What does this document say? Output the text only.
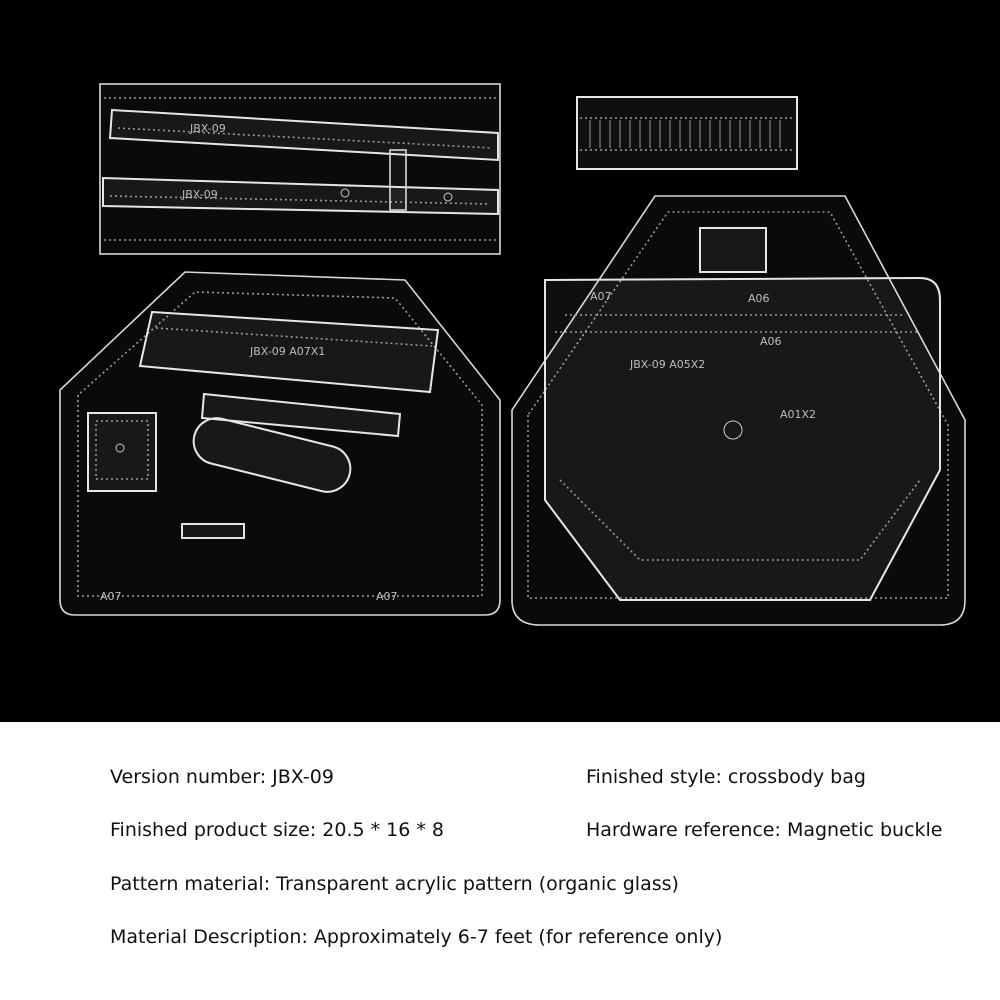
JBX-09
JBX-09
JBX-09 A07X1
A07	A07
JBX-09 A05X2
A06
A01X2
A07	A06
Version number: JBX-09	Finished style: crossbody bag
Finished product size: 20.5 * 16 * 8	Hardware reference: Magnetic buckle
Pattern material: Transparent acrylic pattern (organic glass)
Material Description: Approximately 6-7 feet (for reference only)
